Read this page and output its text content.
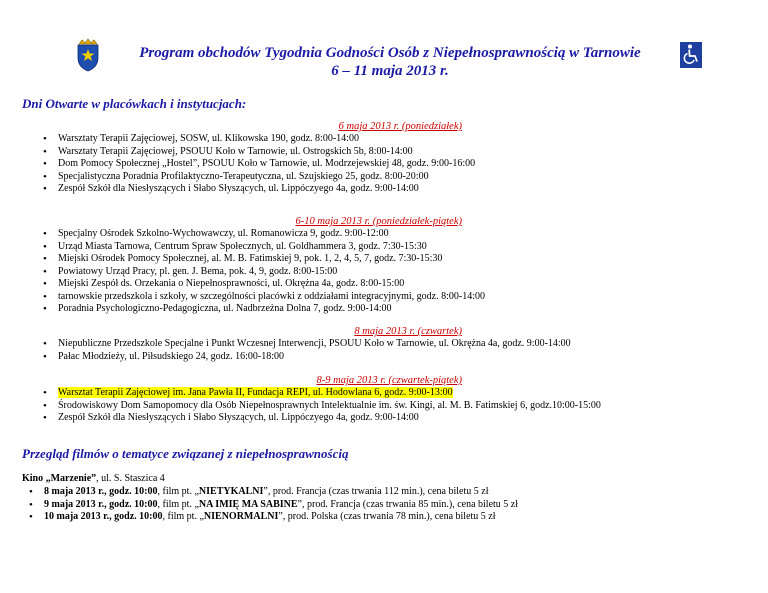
Program obchodów Tygodnia Godności Osób z Niepełnosprawnością w Tarnowie
6 – 11 maja 2013 r.
Dni Otwarte w placówkach i instytucjach:
6 maja 2013 r. (poniedziałek)
• Warsztaty Terapii Zajęciowej, SOSW, ul. Klikowska 190, godz. 8:00-14:00
• Warsztaty Terapii Zajęciowej, PSOUU Koło w Tarnowie, ul. Ostrogskich 5b, 8:00-14:00
• Dom Pomocy Społecznej „Hostel”, PSOUU Koło w Tarnowie, ul. Modrzejewskiej 48, godz. 9:00-16:00
• Specjalistyczna Poradnia Profilaktyczno-Terapeutyczna, ul. Szujskiego 25, godz. 8:00-20:00
• Zespół Szkół dla Niesłyszących i Słabo Słyszących, ul. Lippóczyego 4a, godz. 9:00-14:00
6-10 maja 2013 r. (poniedziałek-piątek)
• Specjalny Ośrodek Szkolno-Wychowawczy, ul. Romanowicza 9, godz. 9:00-12:00
• Urząd Miasta Tarnowa, Centrum Spraw Społecznych, ul. Goldhammera 3, godz. 7:30-15:30
• Miejski Ośrodek Pomocy Społecznej, al. M. B. Fatimskiej 9, pok. 1, 2, 4, 5, 7, godz. 7:30-15:30
• Powiatowy Urząd Pracy, pl. gen. J. Bema, pok. 4, 9, godz. 8:00-15:00
• Miejski Zespół ds. Orzekania o Niepełnosprawności, ul. Okrężna 4a, godz. 8:00-15:00
• tarnowskie przedszkola i szkoły, w szczególności placówki z oddziałami integracyjnymi, godz. 8:00-14:00
• Poradnia Psychologiczno-Pedagogiczna, ul. Nadbrzeżna Dolna 7, godz. 9:00-14:00
8 maja 2013 r. (czwartek)
• Niepubliczne Przedszkole Specjalne i Punkt Wczesnej Interwencji, PSOUU Koło w Tarnowie, ul. Okrężna 4a, godz. 9:00-14:00
• Pałac Młodzieży, ul. Piłsudskiego 24, godz. 16:00-18:00
8-9 maja 2013 r. (czwartek-piątek)
• Warsztat Terapii Zajęciowej im. Jana Pawła II, Fundacja REPI, ul. Hodowlana 6, godz. 9:00-13:00
• Środowiskowy Dom Samopomocy dla Osób Niepełnosprawnych Intelektualnie im. św. Kingi, al. M. B. Fatimskiej 6, godz.10:00-15:00
• Zespół Szkół dla Niesłyszących i Słabo Słyszących, ul. Lippóczyego 4a, godz. 9:00-14:00
Przegląd filmów o tematyce związanej z niepełnosprawnością
Kino „Marzenie”, ul. S. Staszica 4
• 8 maja 2013 r., godz. 10:00, film pt. „NIETYKALNI”, prod. Francja (czas trwania 112 min.), cena biletu 5 zł
• 9 maja 2013 r., godz. 10:00, film pt. „NA IMIĘ MA SABINE”, prod. Francja (czas trwania 85 min.), cena biletu 5 zł
• 10 maja 2013 r., godz. 10:00, film pt. „NIENORMALNI”, prod. Polska (czas trwania 78 min.), cena biletu 5 zł
